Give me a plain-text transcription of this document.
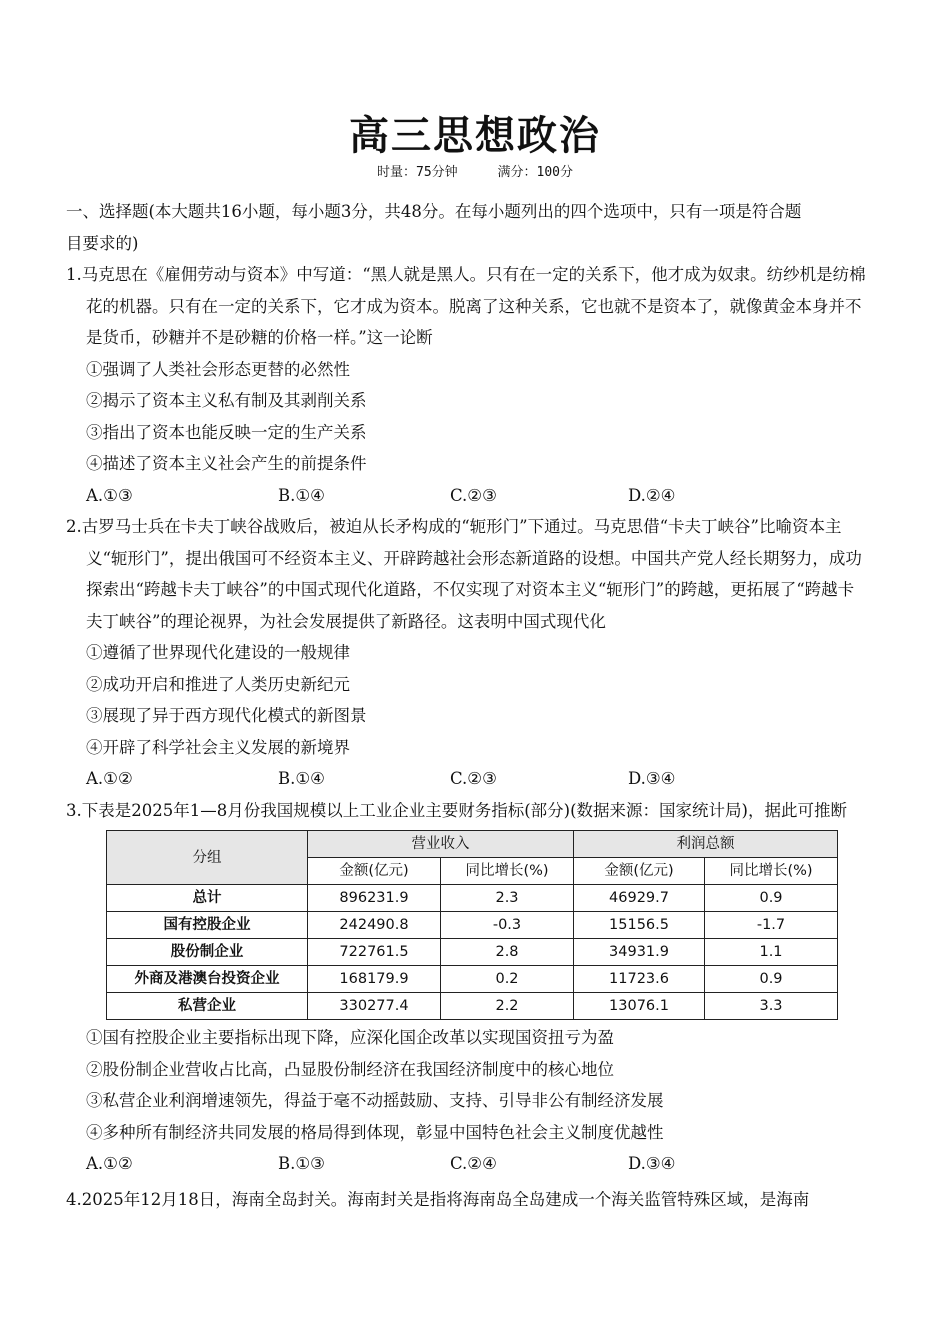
高三思想政治
时量：75分钟	满分：100分

一、选择题(本大题共16小题，每小题3分，共48分。在每小题列出的四个选项中，只有一项是符合题

目要求的)

1.马克思在《雇佣劳动与资本》中写道：“黑人就是黑人。只有在一定的关系下，他才成为奴隶。纺纱机是纺棉花的机器。只有在一定的关系下，它才成为资本。脱离了这种关系，它也就不是资本了，就像黄金本身并不是货币，砂糖并不是砂糖的价格一样。”这一论断

①强调了人类社会形态更替的必然性

②揭示了资本主义私有制及其剥削关系

③指出了资本也能反映一定的生产关系

④描述了资本主义社会产生的前提条件

A.①③	B.①④	C.②③	D.②④

2.古罗马士兵在卡夫丁峡谷战败后，被迫从长矛构成的“轭形门”下通过。马克思借“卡夫丁峡谷”比喻资本主义“轭形门”，提出俄国可不经资本主义、开辟跨越社会形态新道路的设想。中国共产党人经长期努力，成功探索出“跨越卡夫丁峡谷”的中国式现代化道路，不仅实现了对资本主义“轭形门”的跨越，更拓展了“跨越卡夫丁峡谷”的理论视界，为社会发展提供了新路径。这表明中国式现代化

①遵循了世界现代化建设的一般规律

②成功开启和推进了人类历史新纪元

③展现了异于西方现代化模式的新图景

④开辟了科学社会主义发展的新境界

A.①②	B.①④	C.②③	D.③④

3.下表是2025年1—8月份我国规模以上工业企业主要财务指标(部分)(数据来源：国家统计局)，据此可推断

分组	营业收入		利润总额	
	金额(亿元)	同比增长(%)	金额(亿元)	同比增长(%)
总计	896231.9	2.3	46929.7	0.9
国有控股企业	242490.8	-0.3	15156.5	-1.7
股份制企业	722761.5	2.8	34931.9	1.1
外商及港澳台投资企业	168179.9	0.2	11723.6	0.9
私营企业	330277.4	2.2	13076.1	3.3

①国有控股企业主要指标出现下降，应深化国企改革以实现国资扭亏为盈

②股份制企业营收占比高，凸显股份制经济在我国经济制度中的核心地位

③私营企业利润增速领先，得益于毫不动摇鼓励、支持、引导非公有制经济发展

④多种所有制经济共同发展的格局得到体现，彰显中国特色社会主义制度优越性

A.①②	B.①③	C.②④	D.③④

4.2025年12月18日，海南全岛封关。海南封关是指将海南岛全岛建成一个海关监管特殊区域，是海南
